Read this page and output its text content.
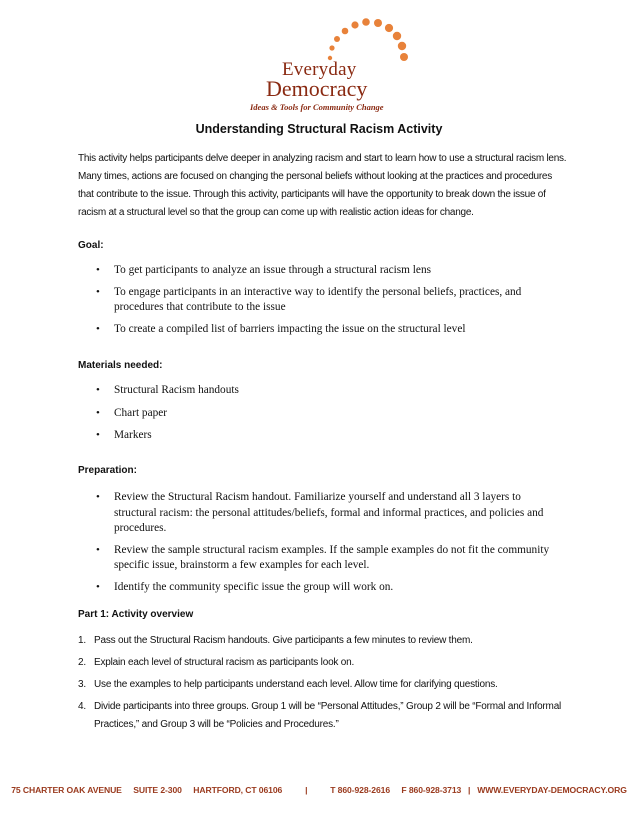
Everyday
Democracy
Ideas & Tools for Community Change
Understanding Structural Racism Activity
This activity helps participants delve deeper in analyzing racism and start to learn how to use a structural racism lens. Many times, actions are focused on changing the personal beliefs without looking at the practices and procedures that contribute to the issue. Through this activity, participants will have the opportunity to break down the issue of racism at a structural level so that the group can come up with realistic action ideas for change.
Goal:
• To get participants to analyze an issue through a structural racism lens
• To engage participants in an interactive way to identify the personal beliefs, practices, and procedures that contribute to the issue
• To create a compiled list of barriers impacting the issue on the structural level
Materials needed:
• Structural Racism handouts
• Chart paper
• Markers
Preparation:
• Review the Structural Racism handout. Familiarize yourself and understand all 3 layers to structural racism: the personal attitudes/beliefs, formal and informal practices, and policies and procedures.
• Review the sample structural racism examples. If the sample examples do not fit the community specific issue, brainstorm a few examples for each level.
• Identify the community specific issue the group will work on.
Part 1: Activity overview
1. Pass out the Structural Racism handouts. Give participants a few minutes to review them.
2. Explain each level of structural racism as participants look on.
3. Use the examples to help participants understand each level. Allow time for clarifying questions.
4. Divide participants into three groups. Group 1 will be “Personal Attitudes,” Group 2 will be “Formal and Informal Practices,” and Group 3 will be “Policies and Procedures.”
75 CHARTER OAK AVENUE     SUITE 2-300     HARTFORD, CT 06106          |          T 860-928-2616     F 860-928-3713   |   WWW.EVERYDAY-DEMOCRACY.ORG
